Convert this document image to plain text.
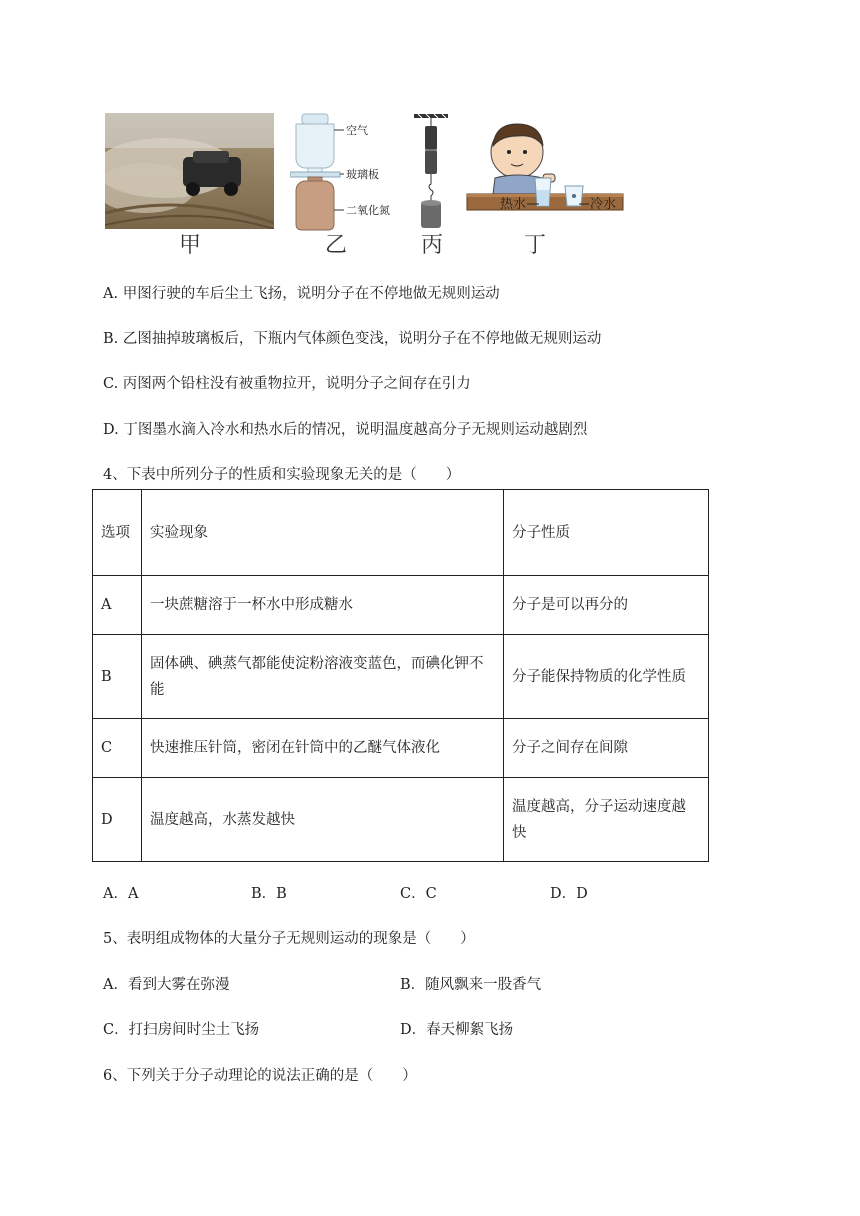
甲
空气
玻璃板
二氧化氮
乙	丙
热水	冷水
丁
A. 甲图行驶的车后尘土飞扬，说明分子在不停地做无规则运动
B. 乙图抽掉玻璃板后，下瓶内气体颜色变浅，说明分子在不停地做无规则运动
C. 丙图两个铅柱没有被重物拉开，说明分子之间存在引力
D. 丁图墨水滴入冷水和热水后的情况，说明温度越高分子无规则运动越剧烈
4、下表中所列分子的性质和实验现象无关的是（　　）
选项	实验现象	分子性质
A	一块蔗糖溶于一杯水中形成糖水	分子是可以再分的
B	固体碘、碘蒸气都能使淀粉溶液变蓝色，而碘化钾不能	分子能保持物质的化学性质
C	快速推压针筒，密闭在针筒中的乙醚气体液化	分子之间存在间隙
D	温度越高，水蒸发越快	温度越高，分子运动速度越快
A．A	B．B	C．C	D．D
5、表明组成物体的大量分子无规则运动的现象是（　　）
A．看到大雾在弥漫	B．随风飘来一股香气
C．打扫房间时尘土飞扬	D．春天柳絮飞扬
6、下列关于分子动理论的说法正确的是（　　）
